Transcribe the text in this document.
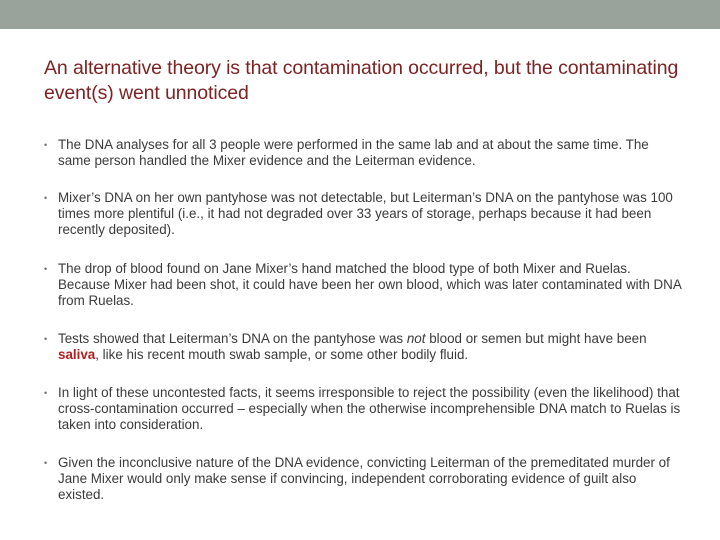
An alternative theory is that contamination occurred, but the contaminating event(s) went unnoticed
• The DNA analyses for all 3 people were performed in the same lab and at about the same time. The same person handled the Mixer evidence and the Leiterman evidence.
• Mixer’s DNA on her own pantyhose was not detectable, but Leiterman’s DNA on the pantyhose was 100 times more plentiful (i.e., it had not degraded over 33 years of storage, perhaps because it had been recently deposited).
• The drop of blood found on Jane Mixer’s hand matched the blood type of both Mixer and Ruelas. Because Mixer had been shot, it could have been her own blood, which was later contaminated with DNA from Ruelas.
• Tests showed that Leiterman’s DNA on the pantyhose was not blood or semen but might have been saliva, like his recent mouth swab sample, or some other bodily fluid.
• In light of these uncontested facts, it seems irresponsible to reject the possibility (even the likelihood) that cross-contamination occurred – especially when the otherwise incomprehensible DNA match to Ruelas is taken into consideration.
• Given the inconclusive nature of the DNA evidence, convicting Leiterman of the premeditated murder of Jane Mixer would only make sense if convincing, independent corroborating evidence of guilt also existed.
